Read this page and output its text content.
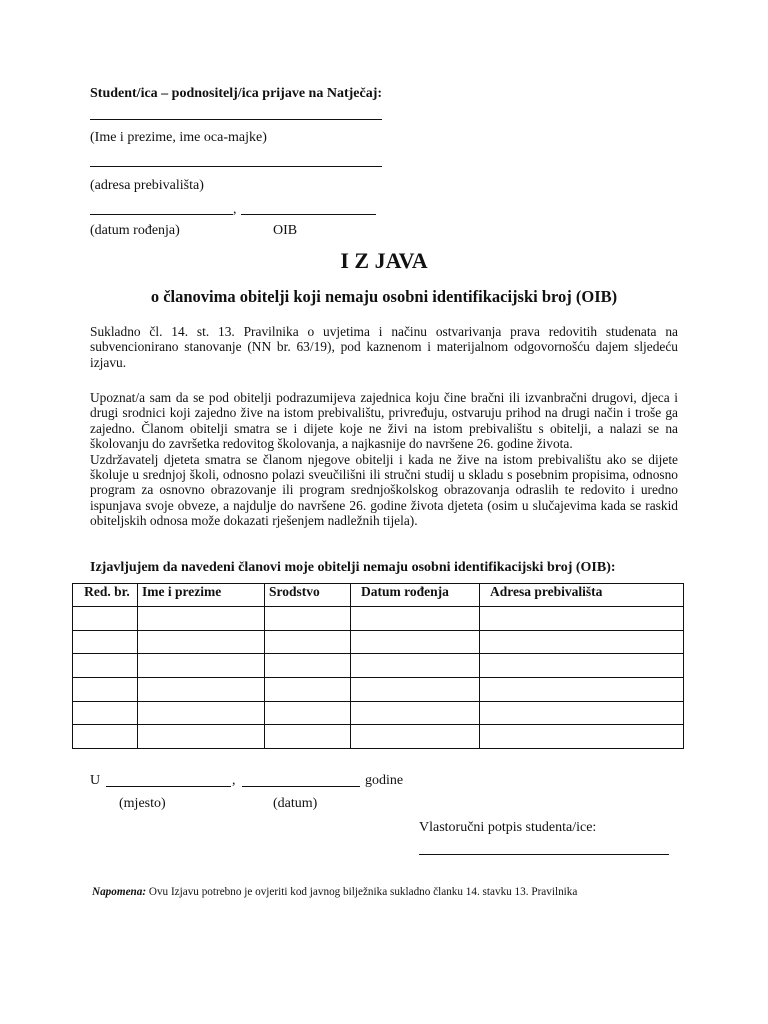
Student/ica – podnositelj/ica prijave na Natječaj:
(Ime i prezime, ime oca-majke)
(adresa prebivališta)
,
(datum rođenja)	OIB
I Z JAVA
o članovima obitelji koji nemaju osobni identifikacijski broj (OIB)

Sukladno čl. 14. st. 13. Pravilnika o uvjetima i načinu ostvarivanja prava redovitih studenata na subvencionirano stanovanje (NN br. 63/19), pod kaznenom i materijalnom odgovornošću dajem sljedeću izjavu.

Upoznat/a sam da se pod obitelji podrazumijeva zajednica koju čine bračni ili izvanbračni drugovi, djeca i drugi srodnici koji zajedno žive na istom prebivalištu, privređuju, ostvaruju prihod na drugi način i troše ga zajedno. Članom obitelji smatra se i dijete koje ne živi na istom prebivalištu s obitelji, a nalazi se na školovanju do završetka redovitog školovanja, a najkasnije do navršene 26. godine života.

Uzdržavatelj djeteta smatra se članom njegove obitelji i kada ne žive na istom prebivalištu ako se dijete školuje u srednjoj školi, odnosno polazi sveučilišni ili stručni studij u skladu s posebnim propisima, odnosno program za osnovno obrazovanje ili program srednjoškolskog obrazovanja odraslih te redovito i uredno ispunjava svoje obveze, a najdulje do navršene 26. godine života djeteta (osim u slučajevima kada se raskid obiteljskih odnosa može dokazati rješenjem nadležnih tijela).

Izjavljujem da navedeni članovi moje obitelji nemaju osobni identifikacijski broj (OIB):
Red. br.	Ime i prezime	Srodstvo	Datum rođenja	Adresa prebivališta

U	,	godine
(mjesto)	(datum)
Vlastoručni potpis studenta/ice:
Napomena: Ovu Izjavu potrebno je ovjeriti kod javnog bilježnika sukladno članku 14. stavku 13. Pravilnika
